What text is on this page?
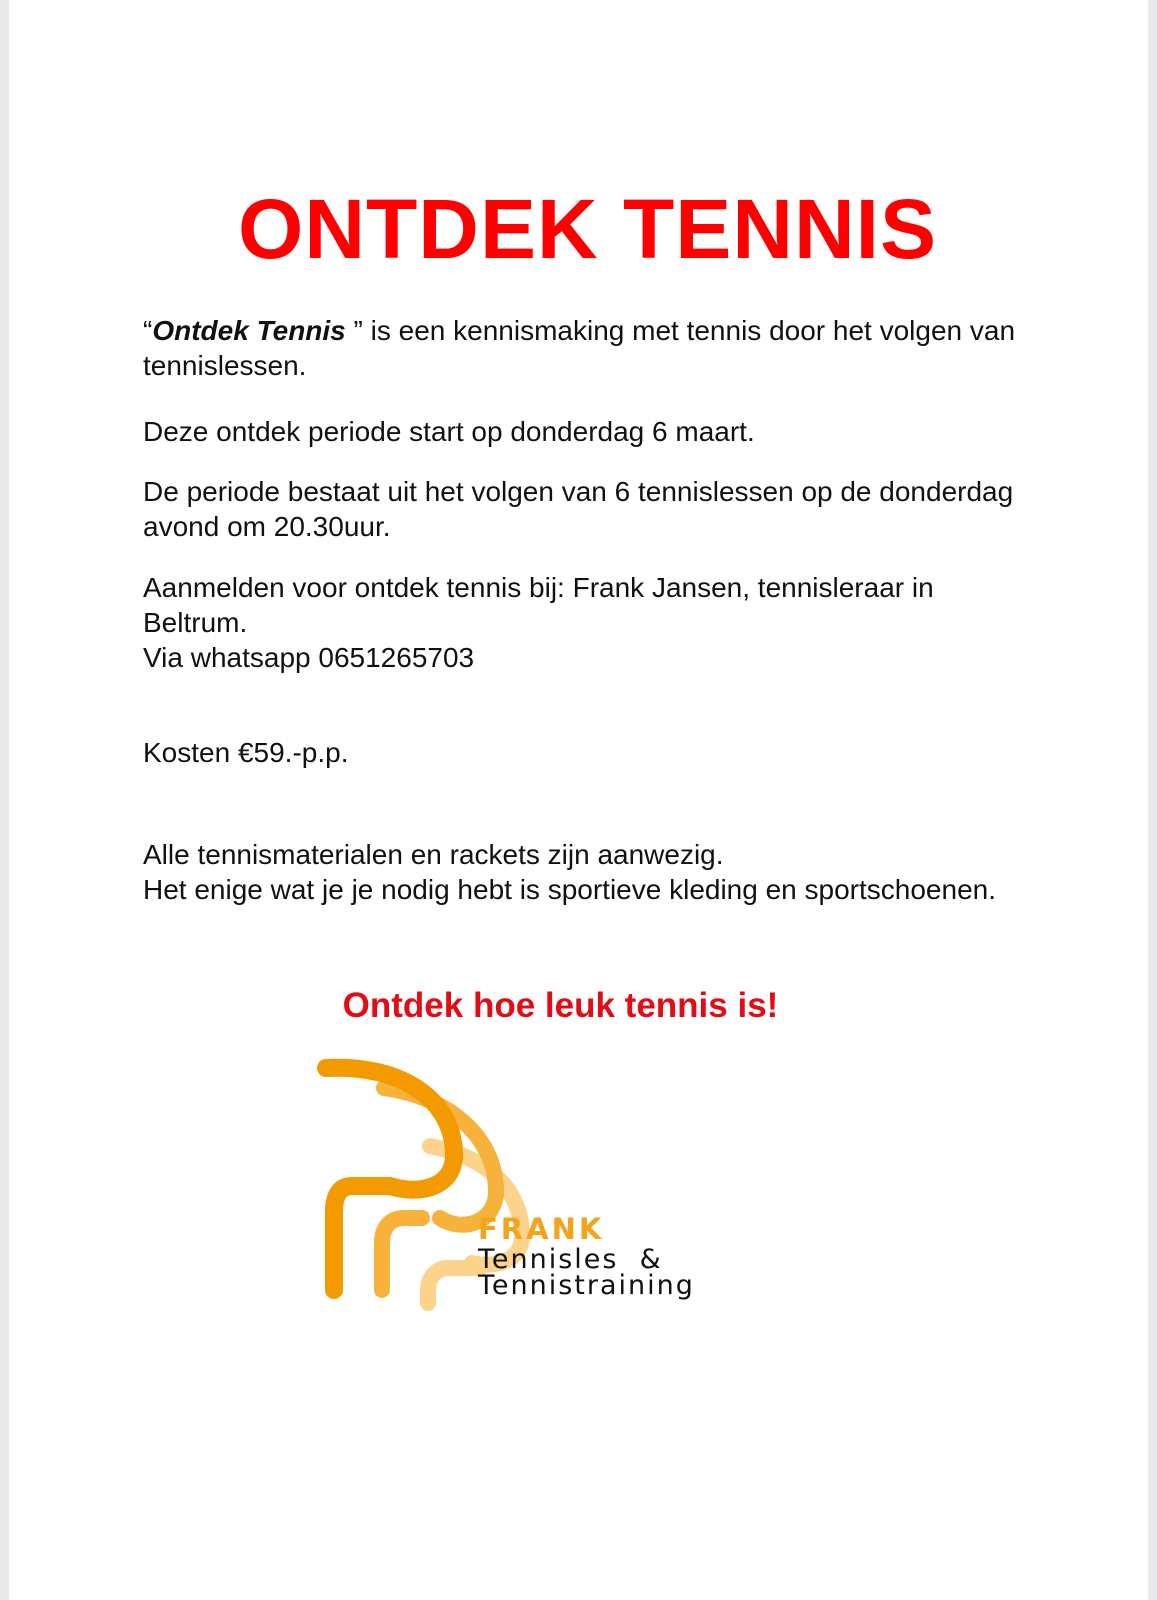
ONTDEK TENNIS

“Ontdek Tennis ” is een kennismaking met tennis door het volgen van tennislessen.

Deze ontdek periode start op donderdag 6 maart.

De periode bestaat uit het volgen van 6 tennislessen op de donderdag avond om 20.30uur.

Aanmelden voor ontdek tennis bij: Frank Jansen, tennisleraar in Beltrum.
Via whatsapp 0651265703

Kosten €59.-p.p.

Alle tennismaterialen en rackets zijn aanwezig.
Het enige wat je je nodig hebt is sportieve kleding en sportschoenen.

Ontdek hoe leuk tennis is!

FRANK

Tennisles  &

Tennistraining
